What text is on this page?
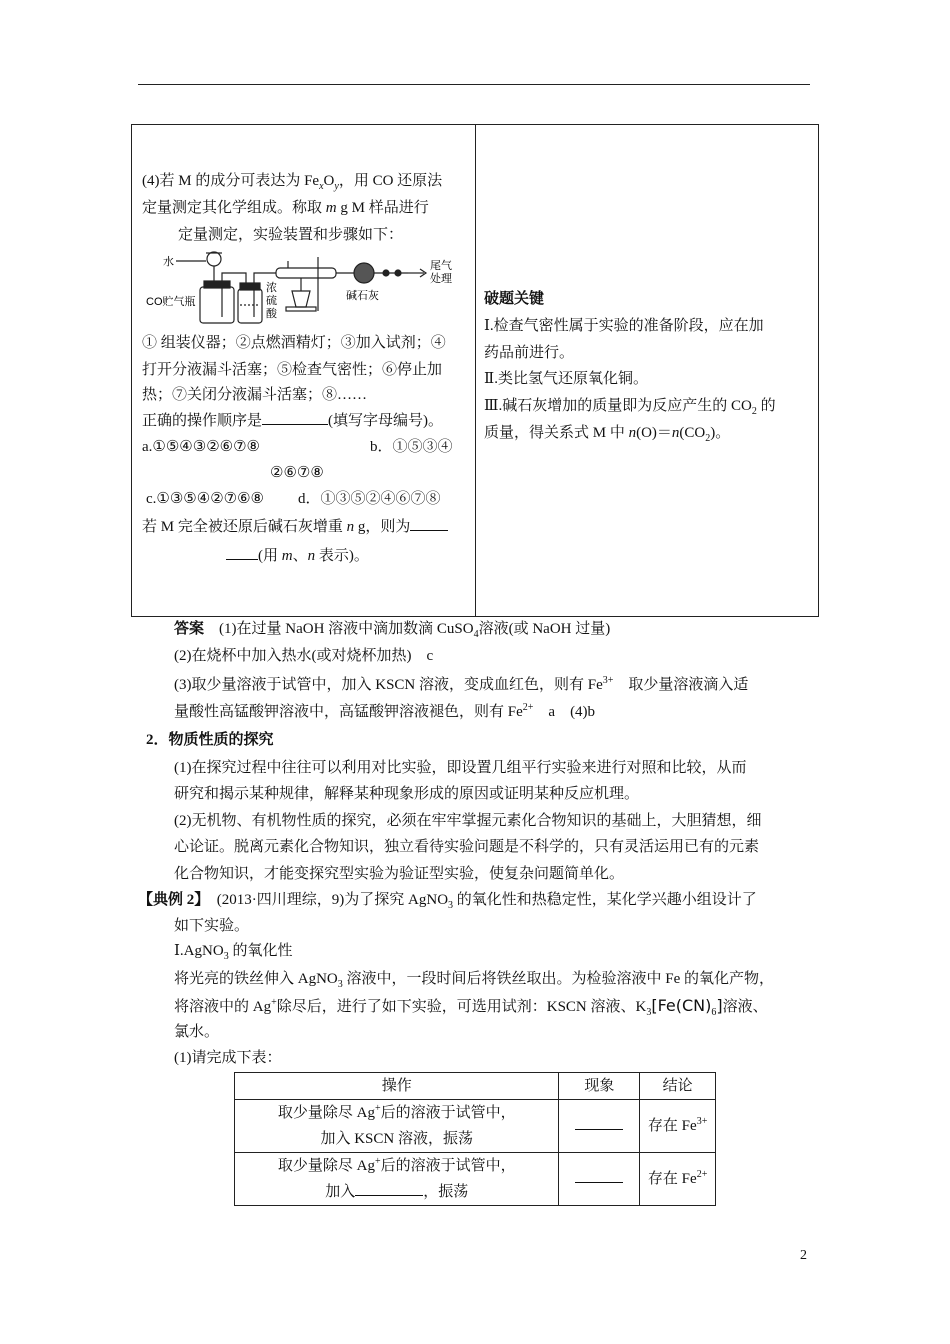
(4)若 M 的成分可表达为 $Fe_xO_y$，用 CO 还原法
定量测定其化学组成。称取 m g M 样品进行
定量测定，实验装置和步骤如下：
水
CO贮气瓶
浓硫酸
碱石灰
尾气处理
① 组装仪器；②点燃酒精灯；③加入试剂；④
打开分液漏斗活塞；⑤检查气密性；⑥停止加
热；⑦关闭分液漏斗活塞；⑧……
正确的操作顺序是	(填写字母编号)。
a.①⑤④③②⑥⑦⑧	b．①⑤③④
②⑥⑦⑧
c.①③⑤④②⑦⑥⑧ d．①③⑤②④⑥⑦⑧
若 M 完全被还原后碱石灰增重 n g，则为
(用 m、n 表示)。
破题关键
Ⅰ.检查气密性属于实验的准备阶段，应在加
药品前进行。
Ⅱ.类比氢气还原氧化铜。
Ⅲ.碱石灰增加的质量即为反应产生的 $CO_2$ 的
质量，得关系式 M 中 $n(O)=n(CO_2)$。
答案　 (1)在过量 NaOH 溶液中滴加数滴 CuSO$_4$溶液(或 NaOH 过量)
(2)在烧杯中加入热水(或对烧杯加热)　c
(3)取少量溶液于试管中，加入 KSCN 溶液，变成血红色，则有 $Fe^{3+}$　取少量溶液滴入适
量酸性高锰酸钾溶液中，高锰酸钾溶液褪色，则有 $Fe^{2+}$　a　(4)b
2．物质性质的探究
(1)在探究过程中往往可以利用对比实验，即设置几组平行实验来进行对照和比较，从而
研究和揭示某种规律，解释某种现象形成的原因或证明某种反应机理。
(2)无机物、有机物性质的探究，必须在牢牢掌握元素化合物知识的基础上，大胆猜想，细
心论证。脱离元素化合物知识，独立看待实验问题是不科学的，只有灵活运用已有的元素
化合物知识，才能变探究型实验为验证型实验，使复杂问题简单化。
【典例 2】　 (2013·四川理综，9)为了探究 AgNO$_3$ 的氧化性和热稳定性，某化学兴趣小组设计了
如下实验。
Ⅰ.AgNO$_3$ 的氧化性
将光亮的铁丝伸入 AgNO$_3$ 溶液中，一段时间后将铁丝取出。为检验溶液中 Fe 的氧化产物，
将溶液中的 Ag+除尽后，进行了如下实验，可选用试剂：KSCN 溶液、$K_3[Fe(CN)_6]$溶液、
氯水。
(1)请完成下表：
操作	现象	结论

取少量除尽 Ag+后的溶液于试管中，
加入 KSCN 溶液，振荡		存在 $Fe^{3+}$

取少量除尽 Ag+后的溶液于试管中，
加入 ，振荡		存在 $Fe^{2+}$
2
